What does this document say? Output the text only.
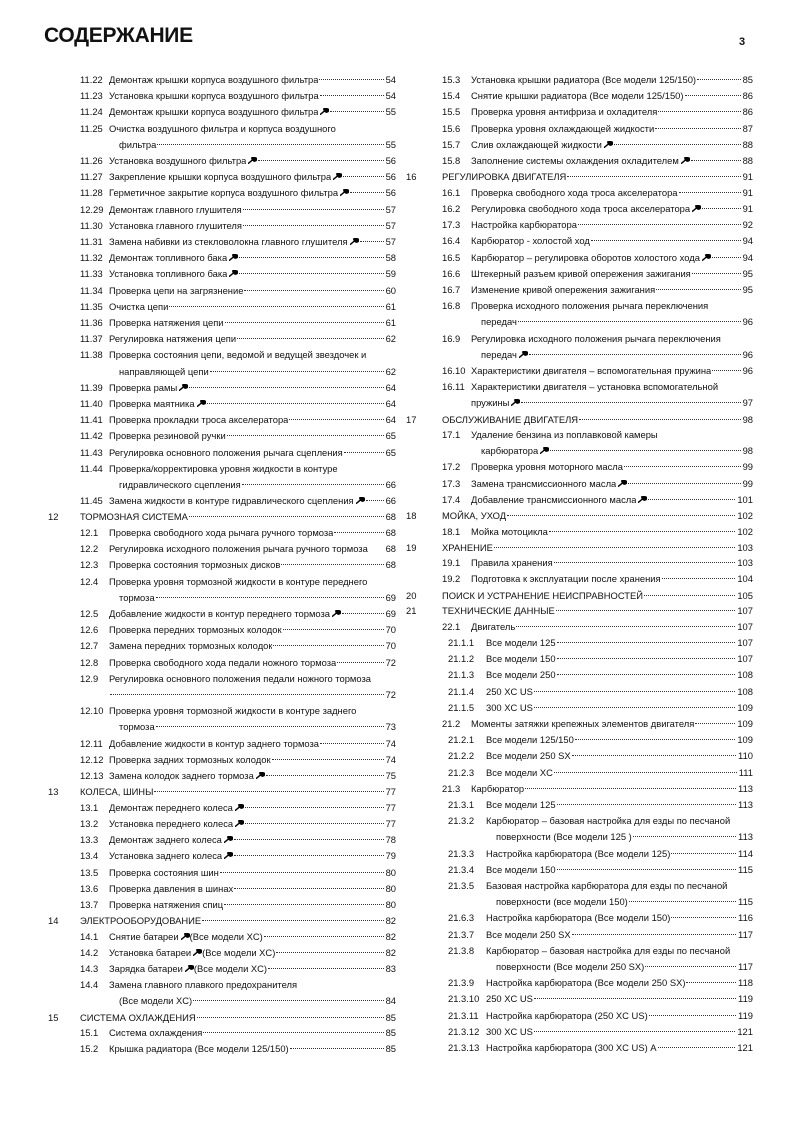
СОДЕРЖАНИЕ	3
11.22 Демонтаж крышки корпуса воздушного фильтра	54
11.23 Установка крышки корпуса воздушного фильтра	54
11.24 Демонтаж крышки корпуса воздушного фильтра	55
11.25 Очистка воздушного фильтра и корпуса воздушного
фильтра	55
11.26 Установка воздушного фильтра	56
11.27 Закрепление крышки корпуса воздушного фильтра	56
11.28 Герметичное закрытие корпуса воздушного фильтра	56
12.29 Демонтаж главного глушителя	57
11.30 Установка главного глушителя	57
11.31 Замена набивки из стекловолокна главного глушителя	57
11.32 Демонтаж топливного бака	58
11.33 Установка топливного бака	59
11.34 Проверка цепи на загрязнение	60
11.35 Очистка цепи	61
11.36 Проверка натяжения цепи	61
11.37 Регулировка натяжения цепи	62
11.38 Проверка состояния цепи, ведомой и ведущей звездочек и
направляющей цепи	62
11.39 Проверка рамы	64
11.40 Проверка маятника	64
11.41 Проверка прокладки троса акселератора	64
11.42 Проверка резиновой ручки	65
11.43 Регулировка основного положения рычага сцепления	65
11.44 Проверка/корректировка уровня жидкости в контуре
гидравлического сцепления	66
11.45 Замена жидкости в контуре гидравлического сцепления	66
12 ТОРМОЗНАЯ СИСТЕМА	68
12.1 Проверка свободного хода рычага ручного тормоза	68
12.2 Регулировка исходного положения рычага ручного тормоза 68
12.3 Проверка состояния тормозных дисков	68
12.4 Проверка уровня тормозной жидкости в контуре переднего
тормоза	69
12.5 Добавление жидкости в контур переднего тормоза	69
12.6 Проверка передних тормозных колодок	70
12.7 Замена передних тормозных колодок	70
12.8 Проверка свободного хода педали ножного тормоза	72
12.9 Регулировка основного положения педали ножного тормоза
72
12.10 Проверка уровня тормозной жидкости в контуре заднего
тормоза	73
12.11 Добавление жидкости в контур заднего тормоза	74
12.12 Проверка задних тормозных колодок	74
12.13 Замена колодок заднего тормоза	75
13 КОЛЕСА, ШИНЫ	77
13.1 Демонтаж переднего колеса	77
13.2 Установка переднего колеса	77
13.3 Демонтаж заднего колеса	78
13.4 Установка заднего колеса	79
13.5 Проверка состояния шин	80
13.6 Проверка давления в шинах	80
13.7 Проверка натяжения спиц	80
14 ЭЛЕКТРООБОРУДОВАНИЕ	82
14.1 Снятие батареи (Все модели XC)	82
14.2 Установка батареи (Все модели XC)	82
14.3 Зарядка батареи (Все модели XC)	83
14.4 Замена главного плавкого предохранителя
(Все модели XC)	84
15 СИСТЕМА ОХЛАЖДЕНИЯ	85
15.1 Система охлаждения	85
15.2 Крышка радиатора (Все модели 125/150)	85
15.3 Установка крышки радиатора (Все модели 125/150)	85
15.4 Снятие крышки радиатора (Все модели 125/150)	86
15.5 Проверка уровня антифриза и охладителя	86
15.6 Проверка уровня охлаждающей жидкости	87
15.7 Слив охлаждающей жидкости	88
15.8 Заполнение системы охлаждения охладителем	88
16	РЕГУЛИРОВКА ДВИГАТЕЛЯ	91
16.1 Проверка свободного хода троса акселератора	91
16.2 Регулировка свободного хода троса акселератора	91
17.3 Настройка карбюратора	92
16.4 Карбюратор - холостой ход	94
16.5 Карбюратор – регулировка оборотов холостого хода	94
16.6 Штекерный разъем кривой опережения зажигания	95
16.7 Изменение кривой опережения зажигания	95
16.8 Проверка исходного положения рычага переключения
передач	96
16.9 Регулировка исходного положения рычага переключения
передач	96
16.10 Характеристики двигателя – вспомогательная пружина	96
16.11 Характеристики двигателя – установка вспомогательной
пружины	97
17	ОБСЛУЖИВАНИЕ ДВИГАТЕЛЯ	98
17.1 Удаление бензина из поплавковой камеры
карбюратора	98
17.2 Проверка уровня моторного масла	99
17.3 Замена трансмиссионного масла	99
17.4 Добавление трансмиссионного масла	101
18	МОЙКА, УХОД	102
18.1 Мойка мотоцикла	102
19	ХРАНЕНИЕ	103
19.1 Правила хранения	103
19.2 Подготовка к эксплуатации после хранения	104
20	ПОИСК И УСТРАНЕНИЕ НЕИСПРАВНОСТЕЙ	105
21	ТЕХНИЧЕСКИЕ ДАННЫЕ	107
22.1 Двигатель	107
21.1.1 Все модели 125	107
21.1.2 Все модели 150	107
21.1.3 Все модели 250	108
21.1.4 250 XC US	108
21.1.5 300 XC US	109
21.2 Моменты затяжки крепежных элементов двигателя	109
21.2.1 Все модели 125/150	109
21.2.2 Все модели 250 SX	110
21.2.3 Все модели XC	111
21.3 Карбюратор	113
21.3.1 Все модели 125	113
21.3.2 Карбюратор – базовая настройка для езды по песчаной
поверхности (Все модели 125 )	113
21.3.3 Настройка карбюратора (Все модели 125)	114
21.3.4 Все модели 150	115
21.3.5 Базовая настройка карбюратора для езды по песчаной
поверхности (все модели 150)	115
21.6.3 Настройка карбюратора (Все модели 150)	116
21.3.7 Все модели 250 SX	117
21.3.8 Карбюратор – базовая настройка для езды по песчаной
поверхности (Все модели 250 SX)	117
21.3.9 Настройка карбюратора (Все модели 250 SX)	118
21.3.10 250 XC US	119
21.3.11 Настройка карбюратора (250 XC US)	119
21.3.12 300 XC US	121
21.3.13 Настройка карбюратора (300 XC US) A	121
